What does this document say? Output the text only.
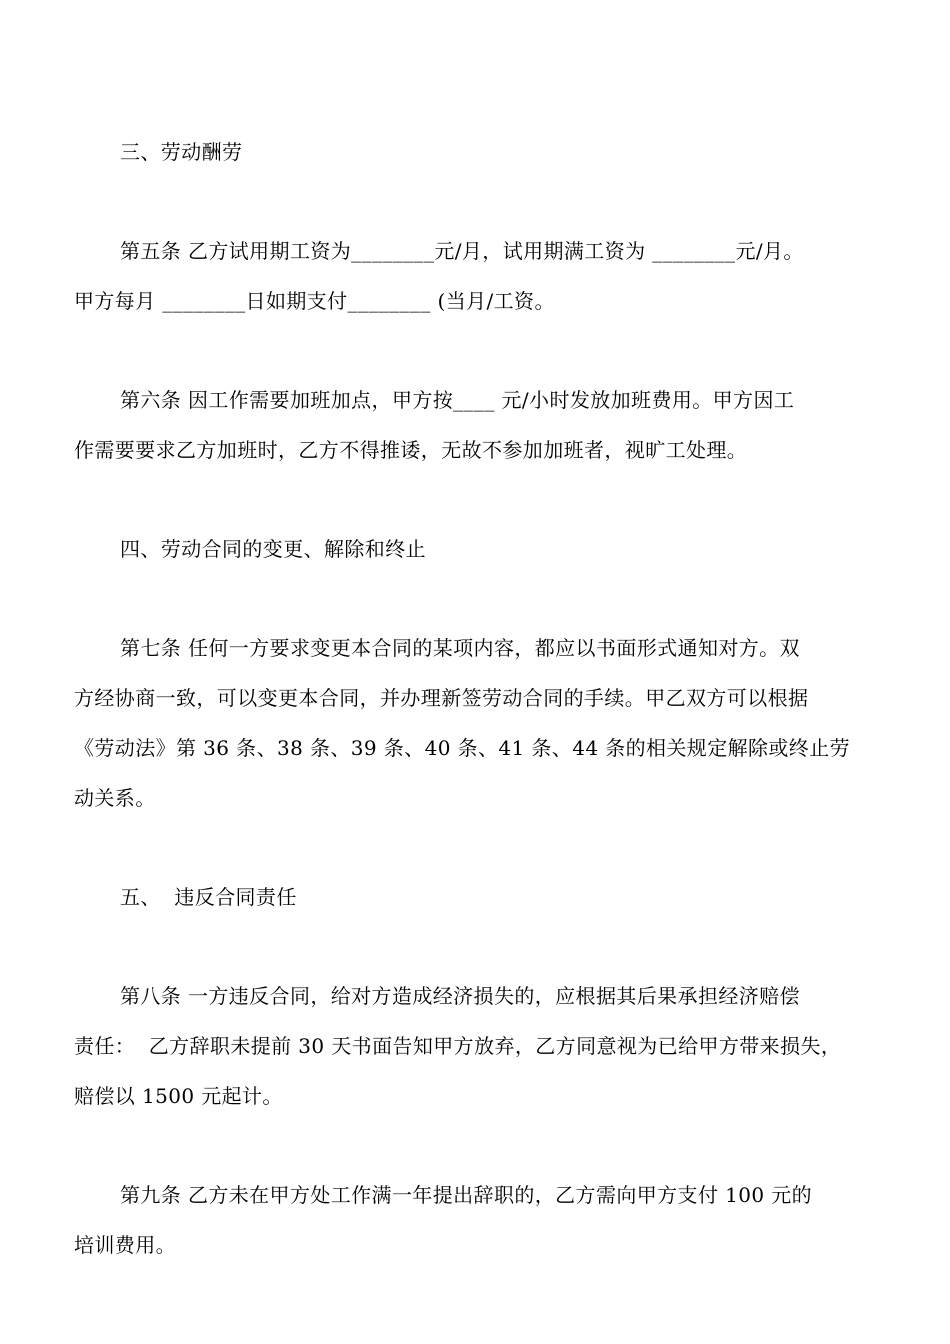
三、劳动酬劳
第五条 乙方试用期工资为________元/月，试用期满工资为 ________元/月。
甲方每月 ________日如期支付________ (当月/工资。
第六条 因工作需要加班加点，甲方按____ 元/小时发放加班费用。甲方因工
作需要要求乙方加班时，乙方不得推诿，无故不参加加班者，视旷工处理。
四、劳动合同的变更、解除和终止
第七条 任何一方要求变更本合同的某项内容，都应以书面形式通知对方。双
方经协商一致，可以变更本合同，并办理新签劳动合同的手续。甲乙双方可以根据
《劳动法》第 36 条、38 条、39 条、40 条、41 条、44 条的相关规定解除或终止劳
动关系。
五、  违反合同责任
第八条 一方违反合同，给对方造成经济损失的，应根据其后果承担经济赔偿
责任：  乙方辞职未提前 30 天书面告知甲方放弃，乙方同意视为已给甲方带来损失，
赔偿以 1500 元起计。
第九条 乙方未在甲方处工作满一年提出辞职的，乙方需向甲方支付 100 元的
培训费用。
